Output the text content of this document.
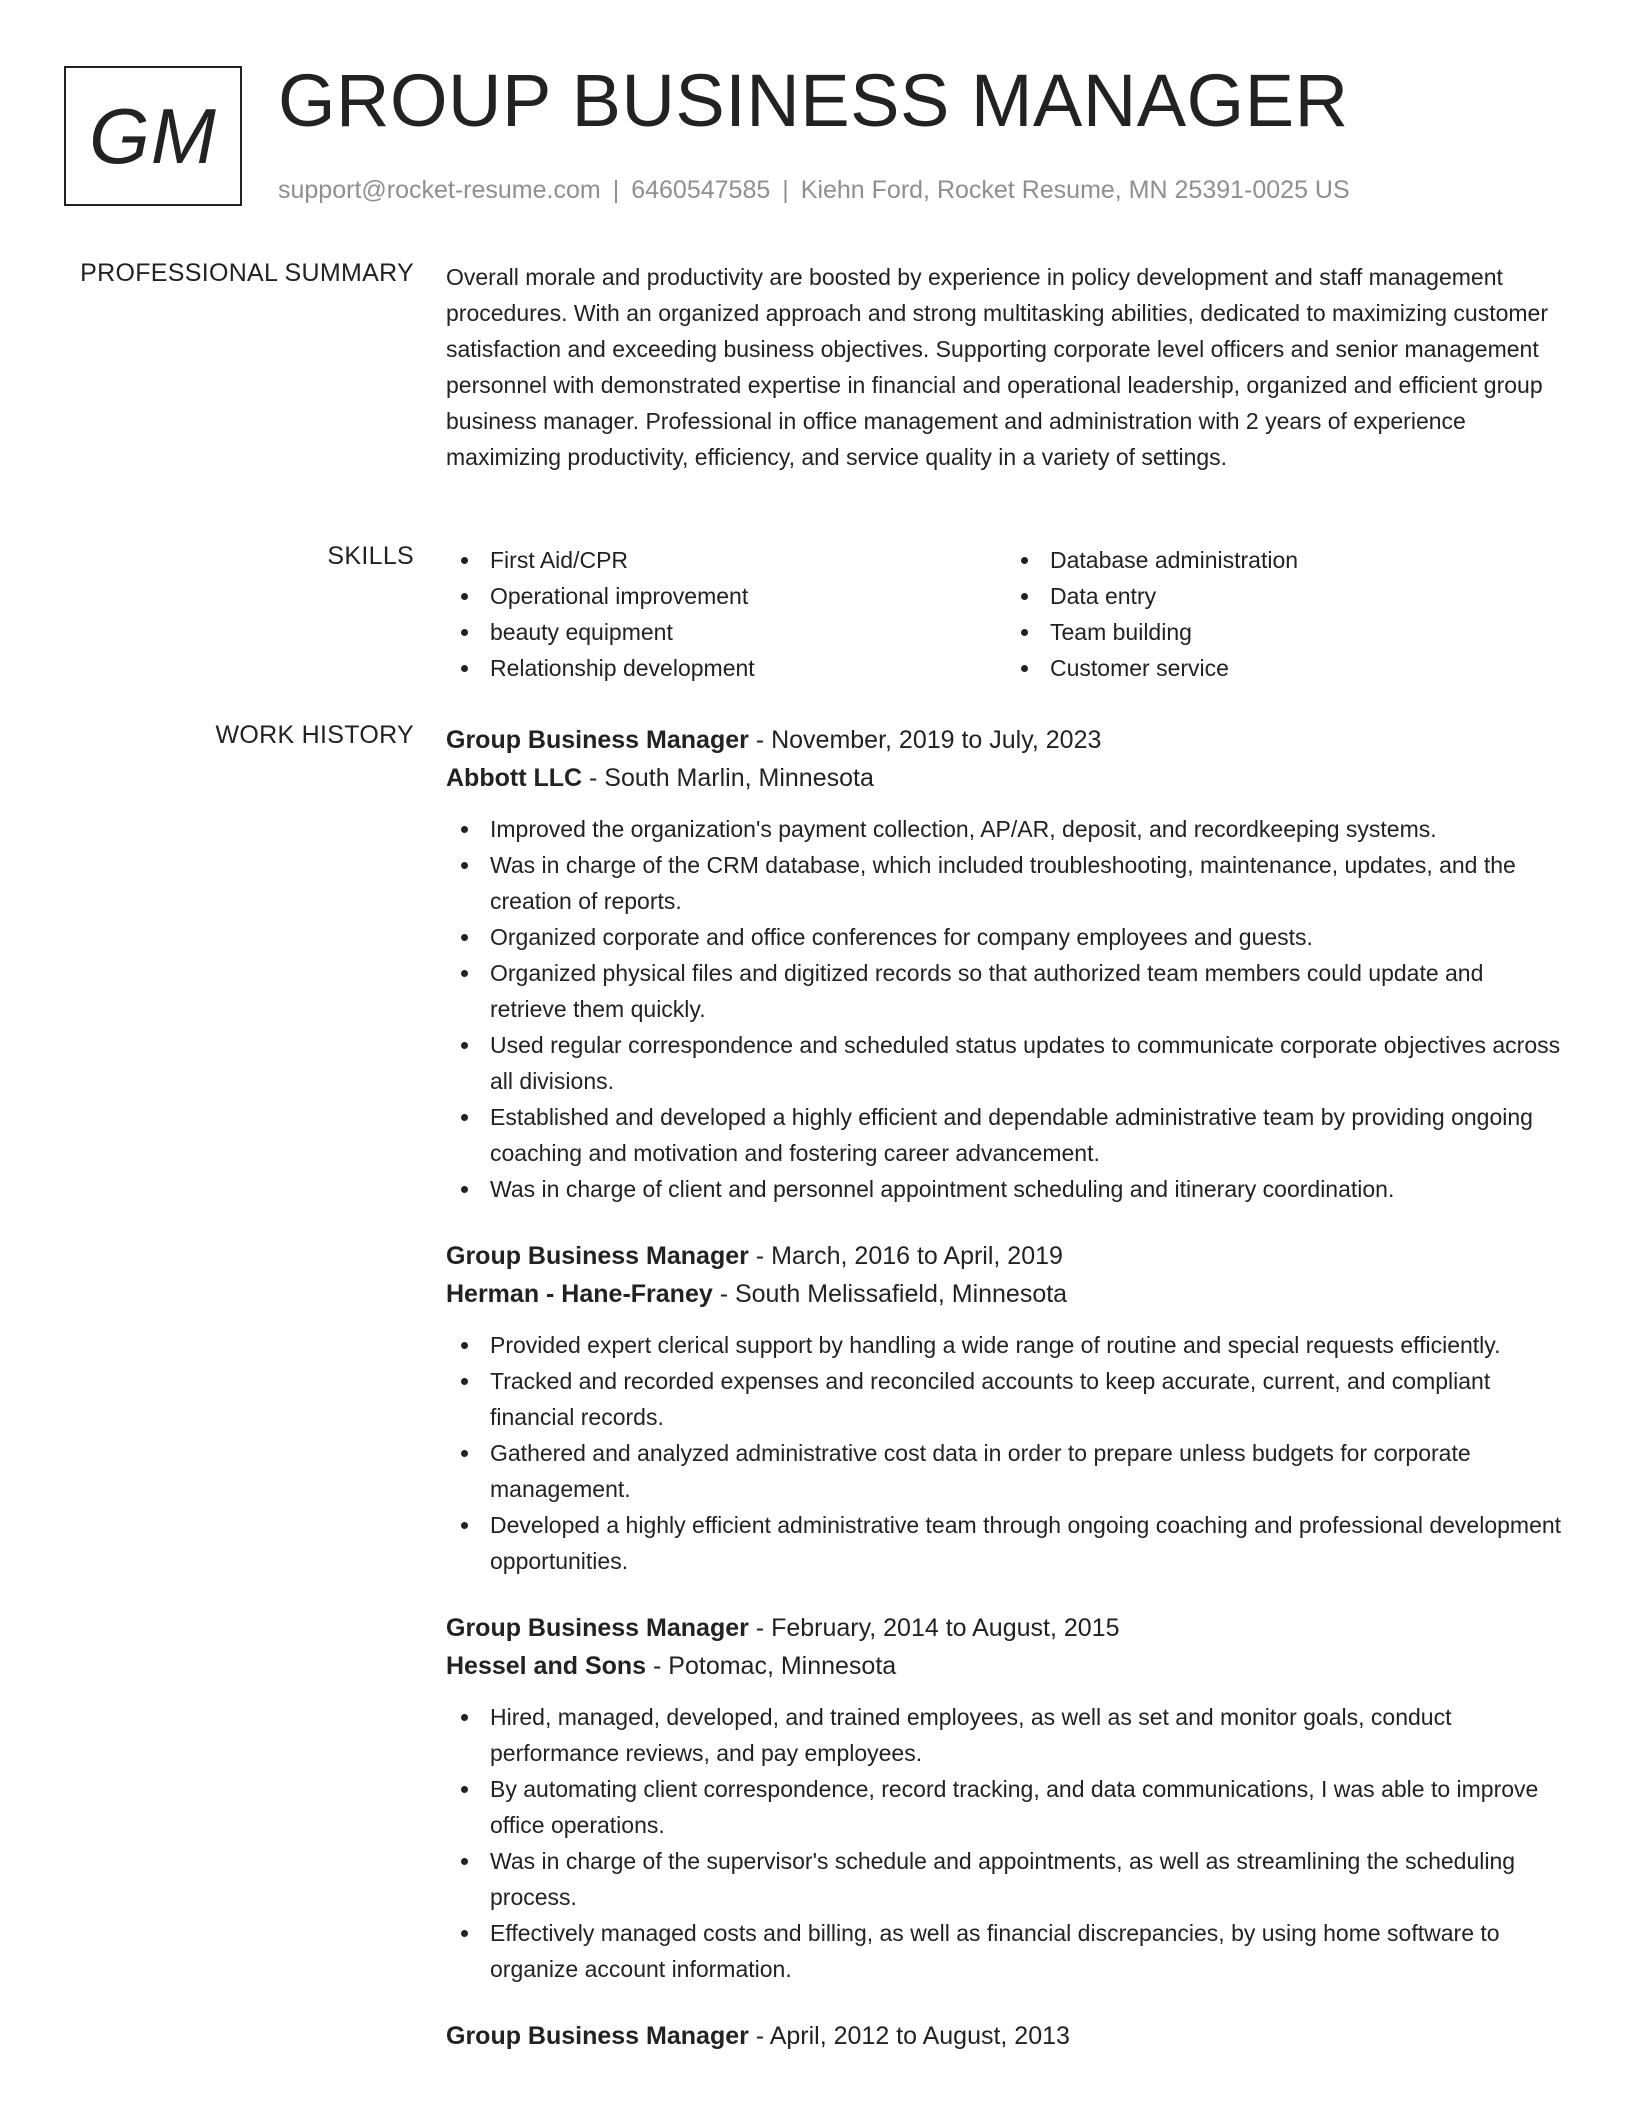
GM GROUP BUSINESS MANAGER
support@rocket-resume.com | 6460547585 | Kiehn Ford, Rocket Resume, MN 25391-0025 US
PROFESSIONAL SUMMARY Overall morale and productivity are boosted by experience in policy development and staff management procedures. With an organized approach and strong multitasking abilities, dedicated to maximizing customer satisfaction and exceeding business objectives. Supporting corporate level officers and senior management personnel with demonstrated expertise in financial and operational leadership, organized and efficient group business manager. Professional in office management and administration with 2 years of experience maximizing productivity, efficiency, and service quality in a variety of settings.

SKILLS	First Aid/CPR
Operational improvement
beauty equipment
Relationship development
Database administration
Data entry
Team building
Customer service
WORK HISTORY Group Business Manager - November, 2019 to July, 2023
Abbott LLC - South Marlin, Minnesota
Improved the organization's payment collection, AP/AR, deposit, and recordkeeping systems.
Was in charge of the CRM database, which included troubleshooting, maintenance, updates, and the creation of reports.
Organized corporate and office conferences for company employees and guests.
Organized physical files and digitized records so that authorized team members could update and retrieve them quickly.
Used regular correspondence and scheduled status updates to communicate corporate objectives across all divisions.
Established and developed a highly efficient and dependable administrative team by providing ongoing coaching and motivation and fostering career advancement.
Was in charge of client and personnel appointment scheduling and itinerary coordination.
Group Business Manager - March, 2016 to April, 2019
Herman - Hane-Franey - South Melissafield, Minnesota
Provided expert clerical support by handling a wide range of routine and special requests efficiently.
Tracked and recorded expenses and reconciled accounts to keep accurate, current, and compliant financial records.
Gathered and analyzed administrative cost data in order to prepare unless budgets for corporate management.
Developed a highly efficient administrative team through ongoing coaching and professional development opportunities.
Group Business Manager - February, 2014 to August, 2015
Hessel and Sons - Potomac, Minnesota
Hired, managed, developed, and trained employees, as well as set and monitor goals, conduct performance reviews, and pay employees.
By automating client correspondence, record tracking, and data communications, I was able to improve office operations.
Was in charge of the supervisor's schedule and appointments, as well as streamlining the scheduling process.
Effectively managed costs and billing, as well as financial discrepancies, by using home software to organize account information.
Group Business Manager - April, 2012 to August, 2013
